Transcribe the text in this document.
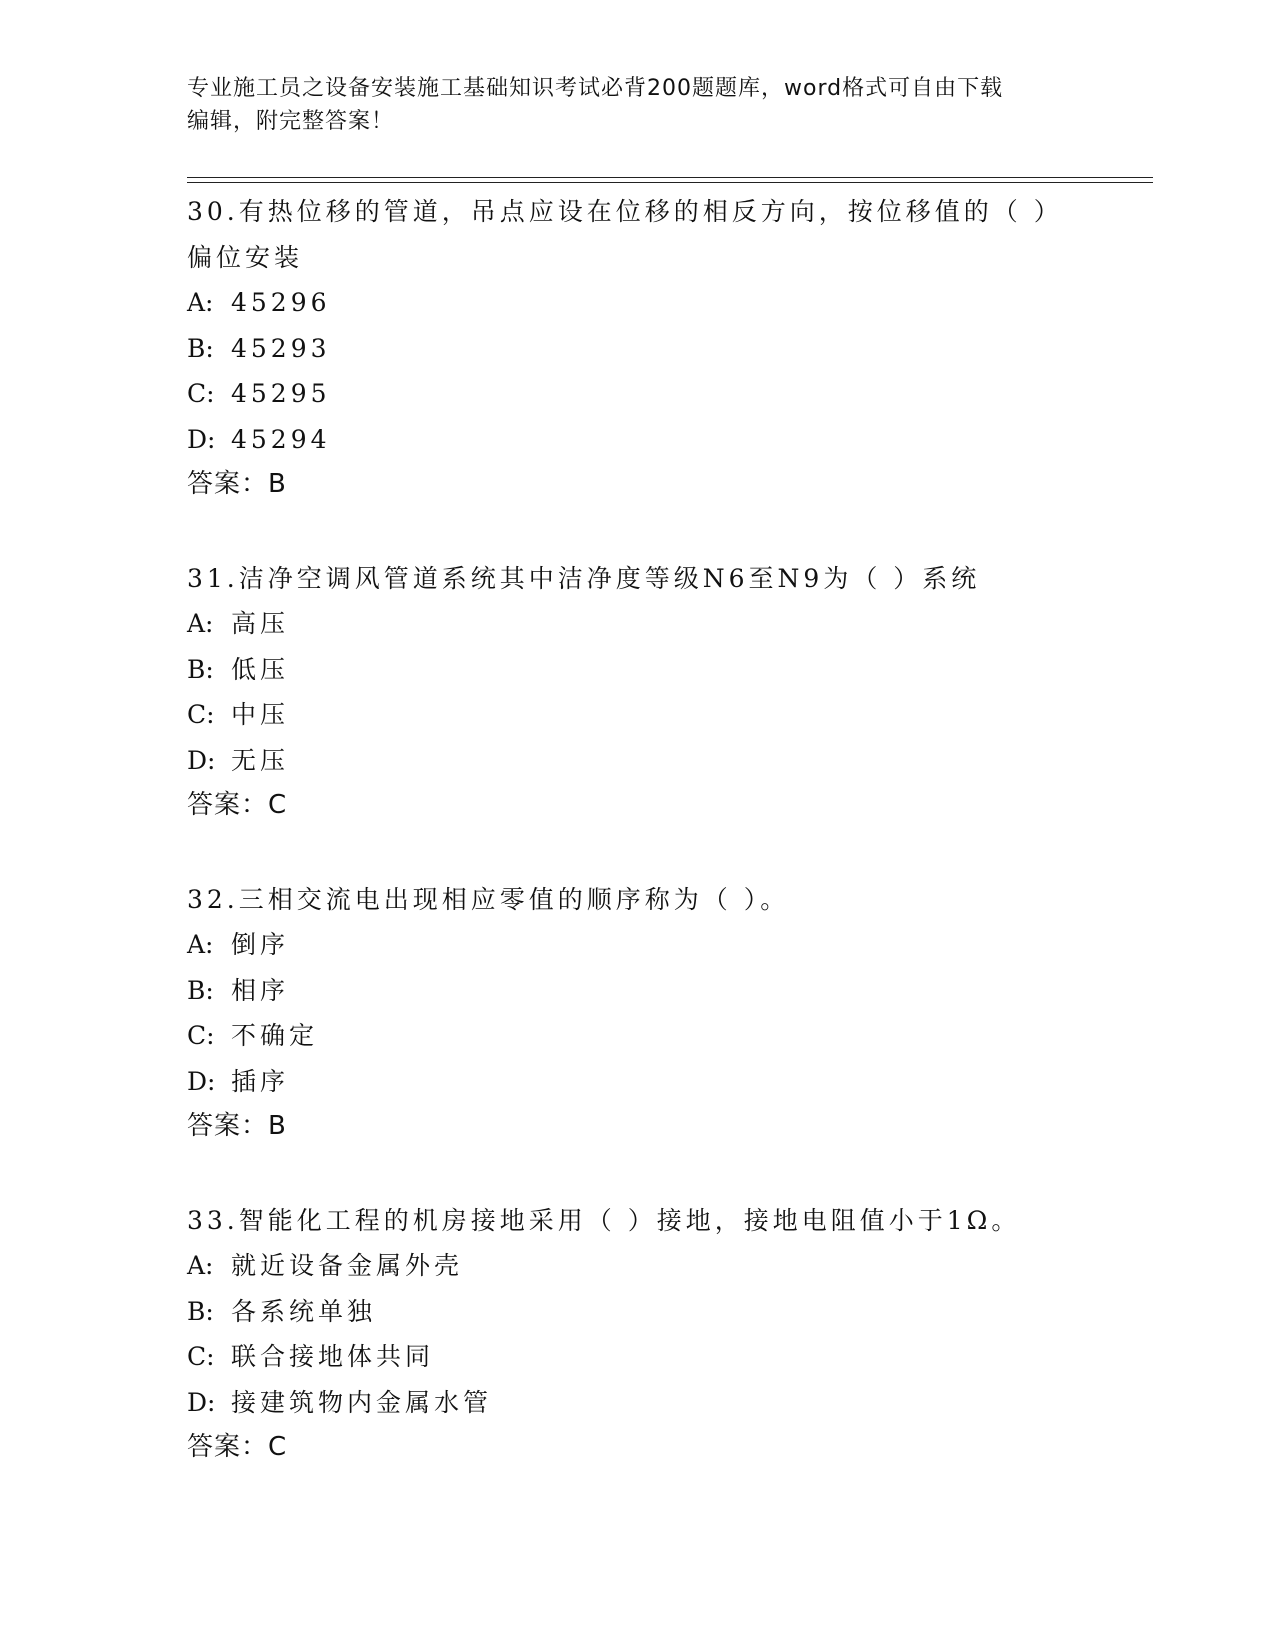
专业施工员之设备安装施工基础知识考试必背200题题库，word格式可自由下载
编辑，附完整答案！
30.有热位移的管道，吊点应设在位移的相反方向，按位移值的（ ）
偏位安装
A: 45296
B: 45293
C: 45295
D: 45294
答案：B
31.洁净空调风管道系统其中洁净度等级N6至N9为（ ）系统
A: 高压
B: 低压
C: 中压
D: 无压
答案：C
32.三相交流电出现相应零值的顺序称为（ ）。
A: 倒序
B: 相序
C: 不确定
D: 插序
答案：B
33.智能化工程的机房接地采用（ ）接地，接地电阻值小于1Ω。
A: 就近设备金属外壳
B: 各系统单独
C: 联合接地体共同
D: 接建筑物内金属水管
答案：C
